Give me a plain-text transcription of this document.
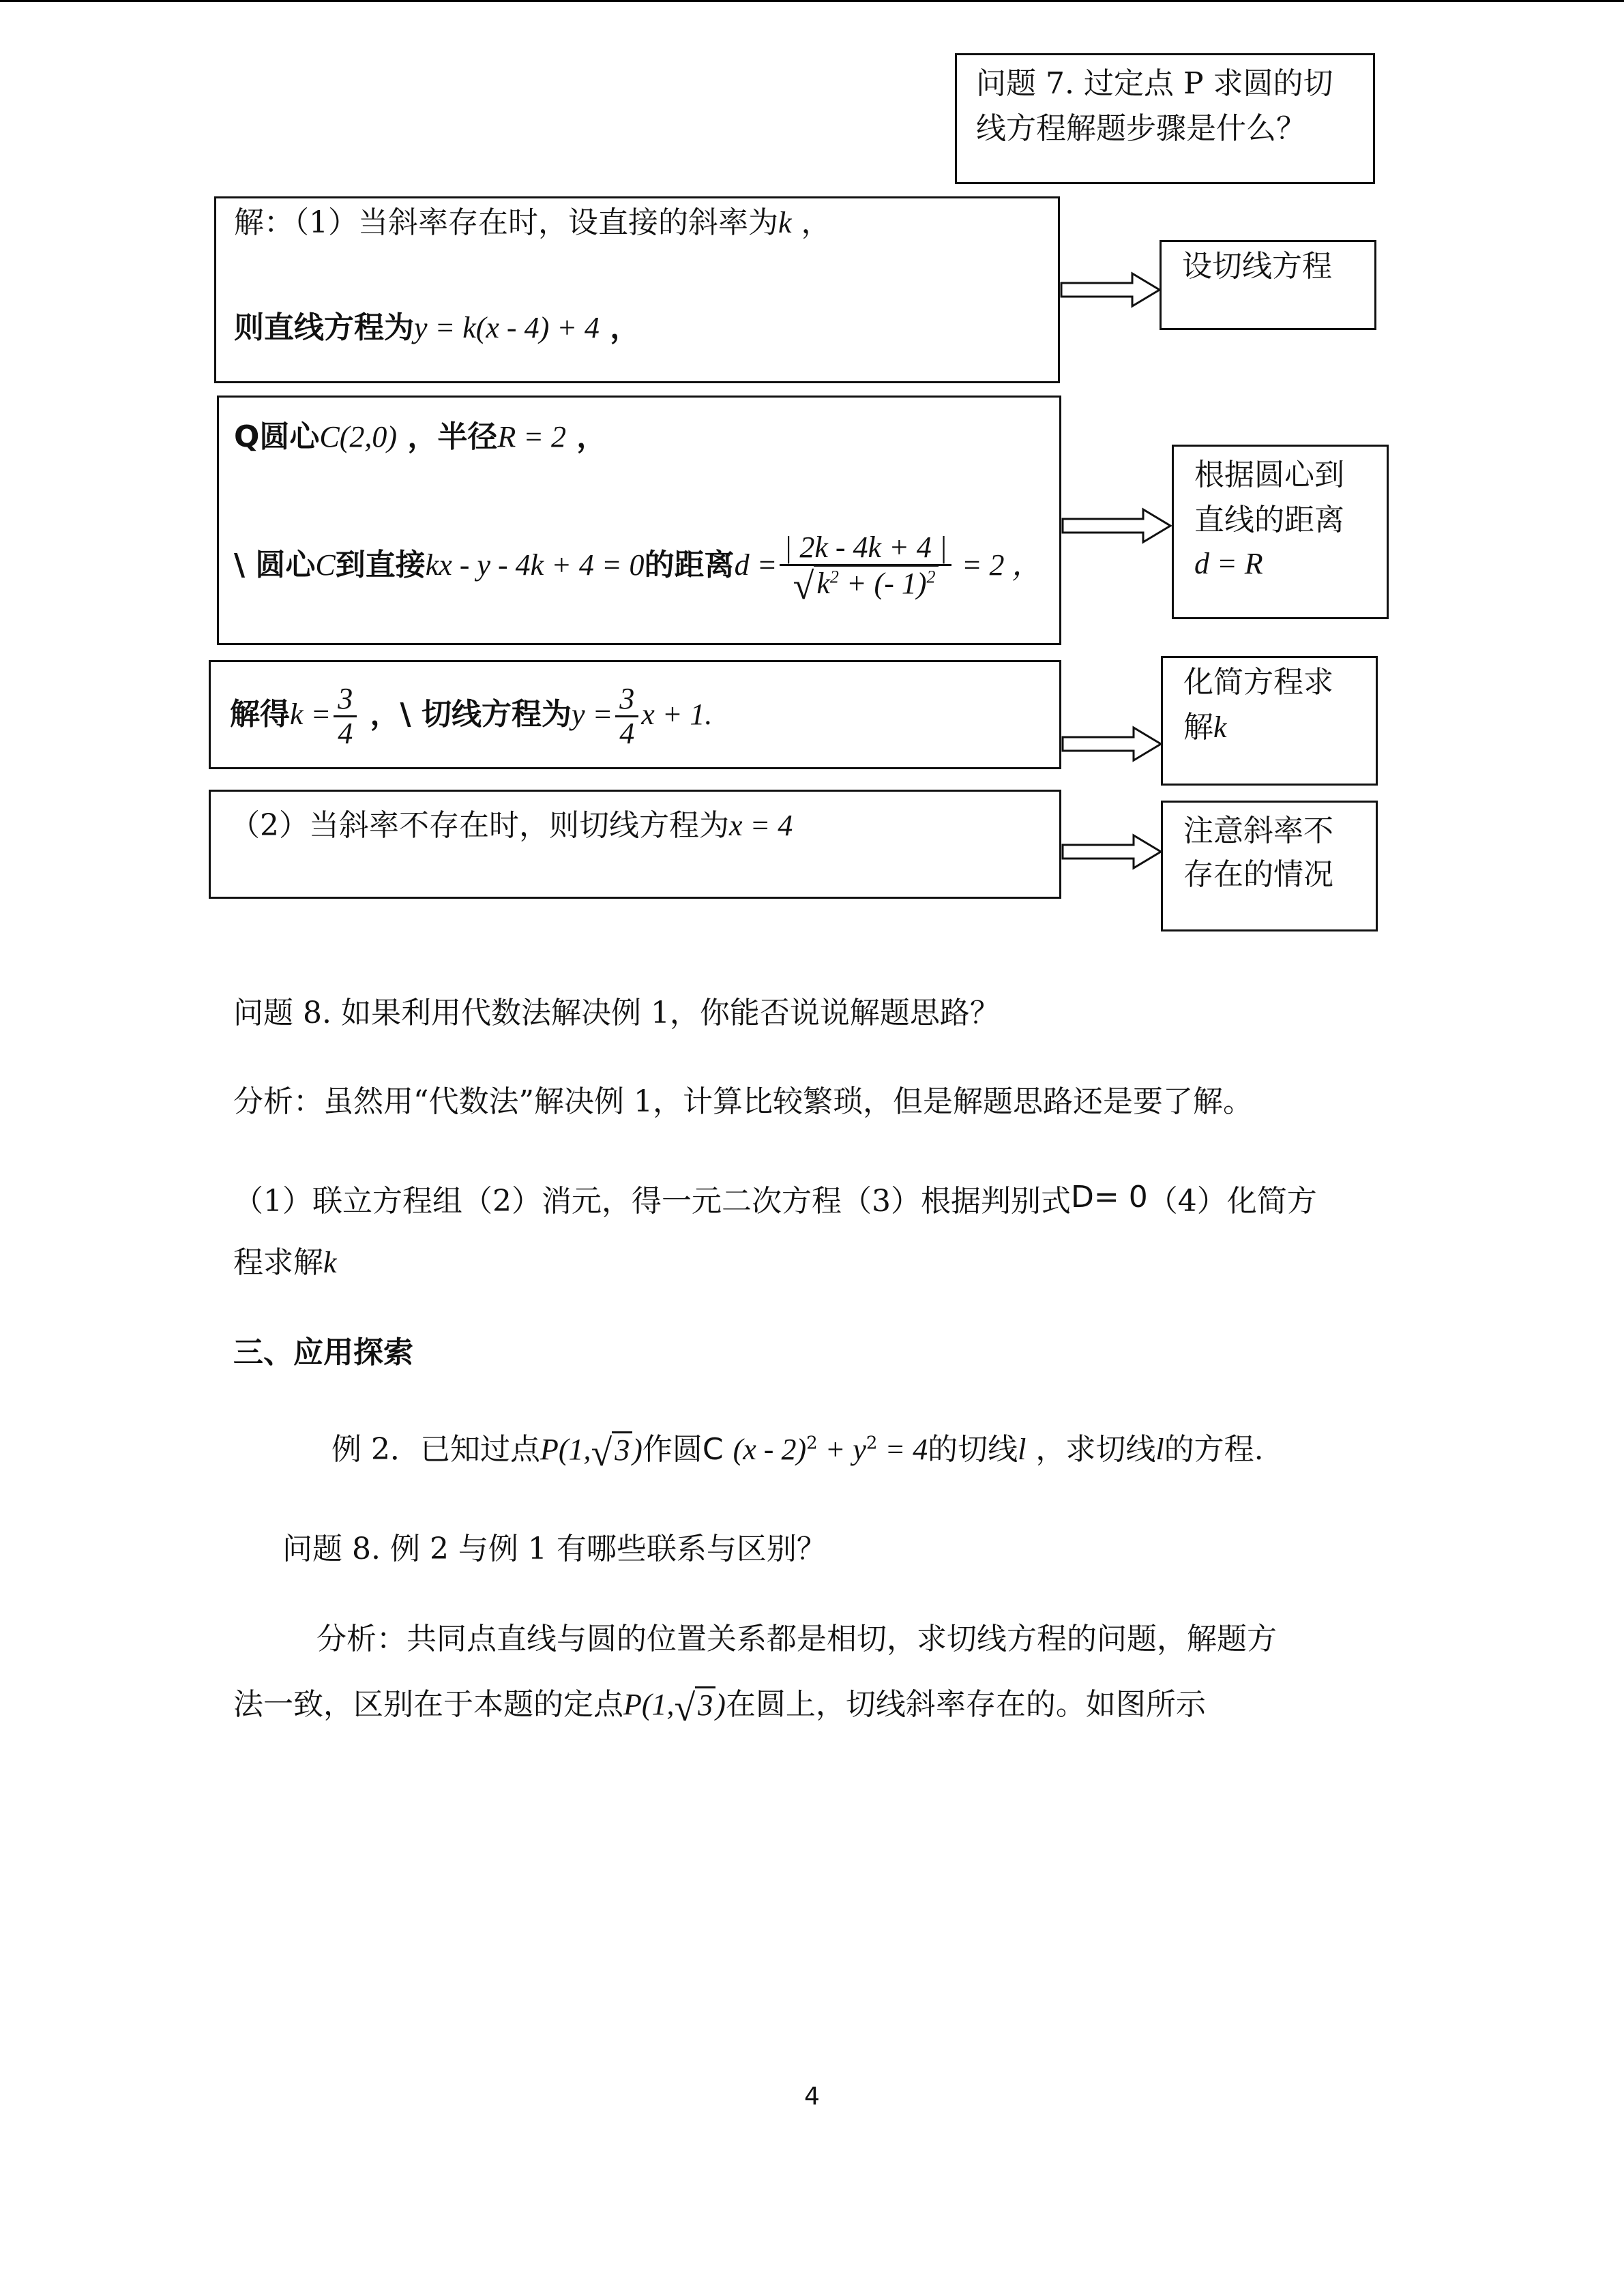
问题 7. 过定点 P 求圆的切
线方程解题步骤是什么？
解：（1）当斜率存在时，设直接的斜率为k ，
则直线方程为y = k(x - 4) + 4 ，
Q圆心C(2,0) ，半径R = 2 ，
\ 圆心C到直接kx - y - 4k + 4 = 0的距离$d = \frac{| 2k - 4k + 4 |}{√k^2 + (- 1)^2} = 2$ ，
解得$k = \frac{3}{4}$ ，\ 切线方程为$y = \frac{3}{4}$ x + 1.
（2）当斜率不存在时，则切线方程为x = 4
设切线方程
根据圆心到
直线的距离
d = R
化简方程求
解k
注意斜率不
存在的情况
问题 8. 如果利用代数法解决例 1，你能否说说解题思路？
分析：虽然用“代数法”解决例 1，计算比较繁琐，但是解题思路还是要了解。
（1）联立方程组（2）消元，得一元二次方程（3）根据判别式D= 0（4）化简方
程求解k
三、应用探索
例 2．已知过点P(1,√3)作圆C $(x - 2)^2 + y^2 = 4$的切线l ，求切线l的方程.
问题 8. 例 2 与例 1 有哪些联系与区别？
分析：共同点直线与圆的位置关系都是相切，求切线方程的问题，解题方
法一致，区别在于本题的定点P(1,√3)在圆上，切线斜率存在的。如图所示
4
